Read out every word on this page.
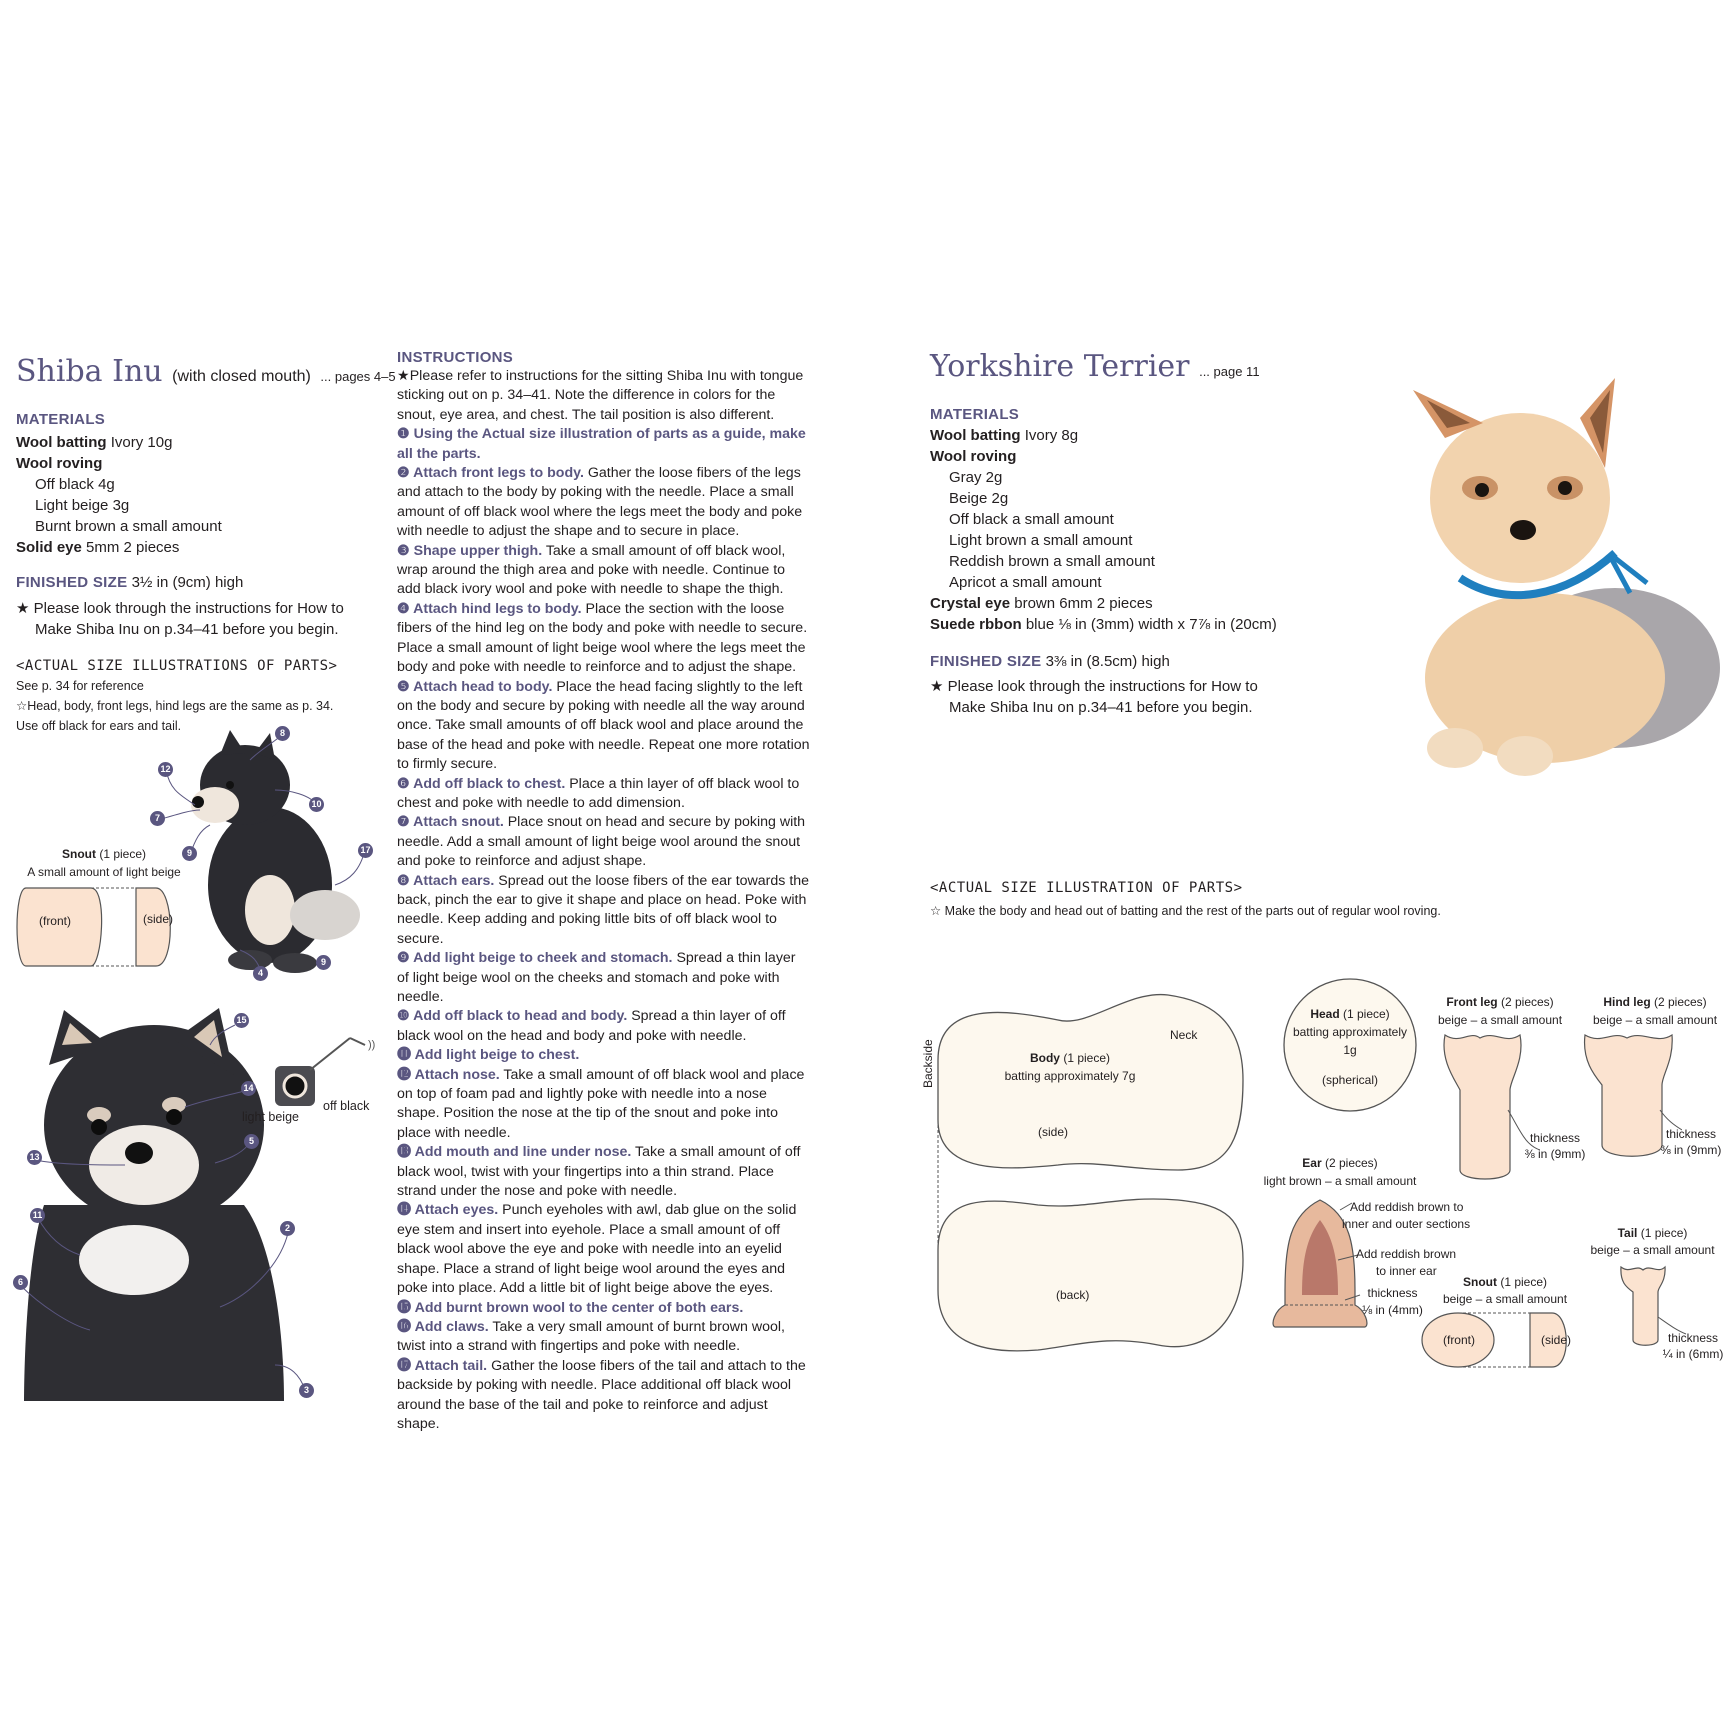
Shiba Inu (with closed mouth) ... pages 4–5
MATERIALS
Wool batting Ivory 10g
Wool roving
Off black 4g
Light beige 3g
Burnt brown a small amount
Solid eye 5mm 2 pieces
FINISHED SIZE 3½ in (9cm) high
★ Please look through the instructions for How to
Make Shiba Inu on p.34–41 before you begin.
<ACTUAL SIZE ILLUSTRATIONS OF PARTS>
See p. 34 for reference
☆Head, body, front legs, hind legs are the same as p. 34.
Use off black for ears and tail.	8
12
7
9
10
17
4
9
Snout (1 piece)
A small amount of light beige
(front)	(side)
))
light beige
off black
15
14
5
13
11
2
6
3
INSTRUCTIONS

★Please refer to instructions for the sitting Shiba Inu with tongue sticking out on p. 34–41. Note the difference in colors for the snout, eye area, and chest. The tail position is also different.

❶ Using the Actual size illustration of parts as a guide, make all the parts.

❷ Attach front legs to body. Gather the loose fibers of the legs and attach to the body by poking with the needle. Place a small amount of off black wool where the legs meet the body and poke with needle to adjust the shape and to secure in place.

❸ Shape upper thigh. Take a small amount of off black wool, wrap around the thigh area and poke with needle. Continue to add black ivory wool and poke with needle to shape the thigh.

❹ Attach hind legs to body. Place the section with the loose fibers of the hind leg on the body and poke with needle to secure. Place a small amount of light beige wool where the legs meet the body and poke with needle to reinforce and to adjust the shape.

❺ Attach head to body. Place the head facing slightly to the left on the body and secure by poking with needle all the way around once. Take small amounts of off black wool and place around the base of the head and poke with needle. Repeat one more rotation to firmly secure.

❻ Add off black to chest. Place a thin layer of off black wool to chest and poke with needle to add dimension.

❼ Attach snout. Place snout on head and secure by poking with needle. Add a small amount of light beige wool around the snout and poke to reinforce and adjust shape.

❽ Attach ears. Spread out the loose fibers of the ear towards the back, pinch the ear to give it shape and place on head. Poke with needle. Keep adding and poking little bits of off black wool to secure.

❾ Add light beige to cheek and stomach. Spread a thin layer of light beige wool on the cheeks and stomach and poke with needle.

❿ Add off black to head and body. Spread a thin layer of off black wool on the head and body and poke with needle.

⓫ Add light beige to chest.

⓬ Attach nose. Take a small amount of off black wool and place on top of foam pad and lightly poke with needle into a nose shape. Position the nose at the tip of the snout and poke into place with needle.

⓭ Add mouth and line under nose. Take a small amount of off black wool, twist with your fingertips into a thin strand. Place strand under the nose and poke with needle.

⓮ Attach eyes. Punch eyeholes with awl, dab glue on the solid eye stem and insert into eyehole. Place a small amount of off black wool above the eye and poke with needle into an eyelid shape. Place a strand of light beige wool around the eyes and poke into place. Add a little bit of light beige above the eyes.

⓯ Add burnt brown wool to the center of both ears.

⓰ Add claws. Take a very small amount of burnt brown wool, twist into a strand with fingertips and poke with needle.

⓱ Attach tail. Gather the loose fibers of the tail and attach to the backside by poking with needle. Place additional off black wool around the base of the tail and poke to reinforce and adjust shape.

Yorkshire Terrier ... page 11
MATERIALS
Wool batting Ivory 8g
Wool roving
Gray 2g
Beige 2g
Off black a small amount
Light brown a small amount
Reddish brown a small amount
Apricot a small amount
Crystal eye brown 6mm 2 pieces
Suede rbbon blue ⅛ in (3mm) width x 7⅞ in (20cm)
FINISHED SIZE 3⅜ in (8.5cm) high
★ Please look through the instructions for How to
Make Shiba Inu on p.34–41 before you begin.
<ACTUAL SIZE ILLUSTRATION OF PARTS>
☆ Make the body and head out of batting and the rest of the parts out of regular wool roving.
Body (1 piece)
batting approximately 7g
Neck
Backside
(side)
(back)
Head (1 piece)
batting approximately
1g
(spherical)
Front leg (2 pieces)
beige – a small amount
thickness
⅜ in (9mm)
Hind leg (2 pieces)
beige – a small amount
thickness
⅜ in (9mm)
Ear (2 pieces)
light brown – a small amount
Add reddish brown to
inner and outer sections
Add reddish brown
to inner ear
thickness
⅛ in (4mm)
Snout (1 piece)
beige – a small amount
(front)	(side)
Tail (1 piece)
beige – a small amount
thickness
¼ in (6mm)
